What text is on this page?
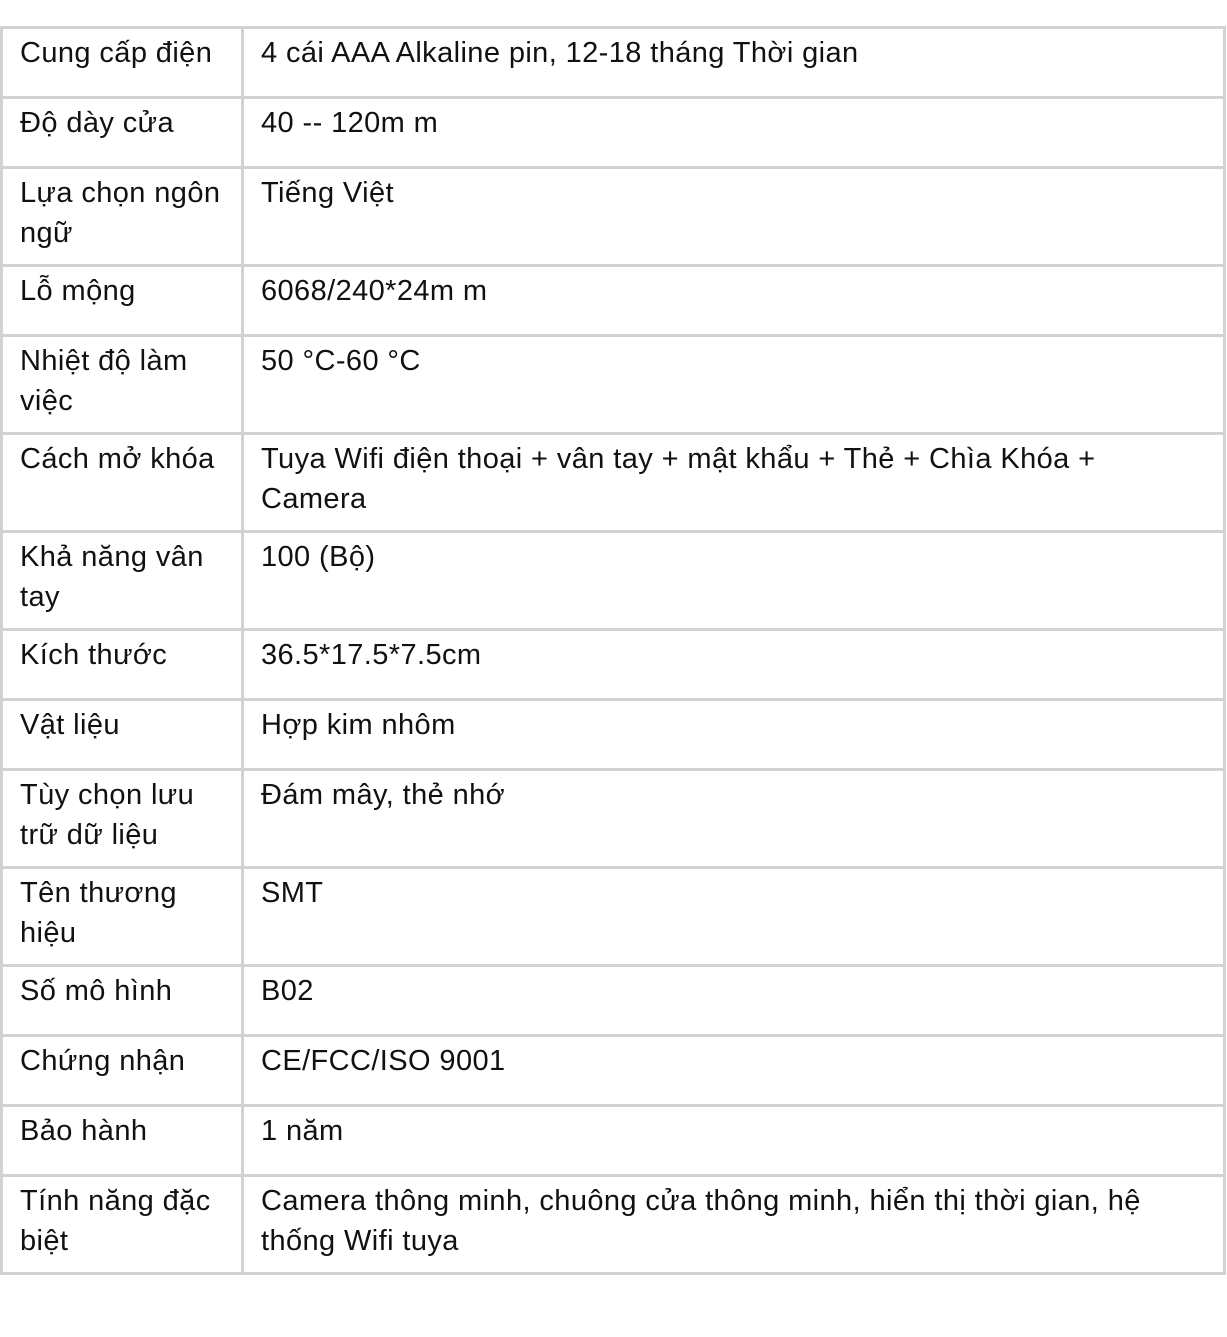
Cung cấp điện	4 cái AAA Alkaline pin, 12-18 tháng Thời gian
Độ dày cửa	40 -- 120m m
Lựa chọn ngôn ngữ	Tiếng Việt
Lỗ mộng	6068/240*24m m
Nhiệt độ làm việc	50 °C-60 °C
Cách mở khóa	Tuya Wifi điện thoại + vân tay + mật khẩu + Thẻ + Chìa Khóa + Camera
Khả năng vân tay	100 (Bộ)
Kích thước	36.5*17.5*7.5cm
Vật liệu	Hợp kim nhôm
Tùy chọn lưu trữ dữ liệu	Đám mây, thẻ nhớ
Tên thương hiệu	SMT
Số mô hình	B02
Chứng nhận	CE/FCC/ISO 9001
Bảo hành	1 năm
Tính năng đặc biệt	Camera thông minh, chuông cửa thông minh, hiển thị thời gian, hệ thống Wifi tuya
